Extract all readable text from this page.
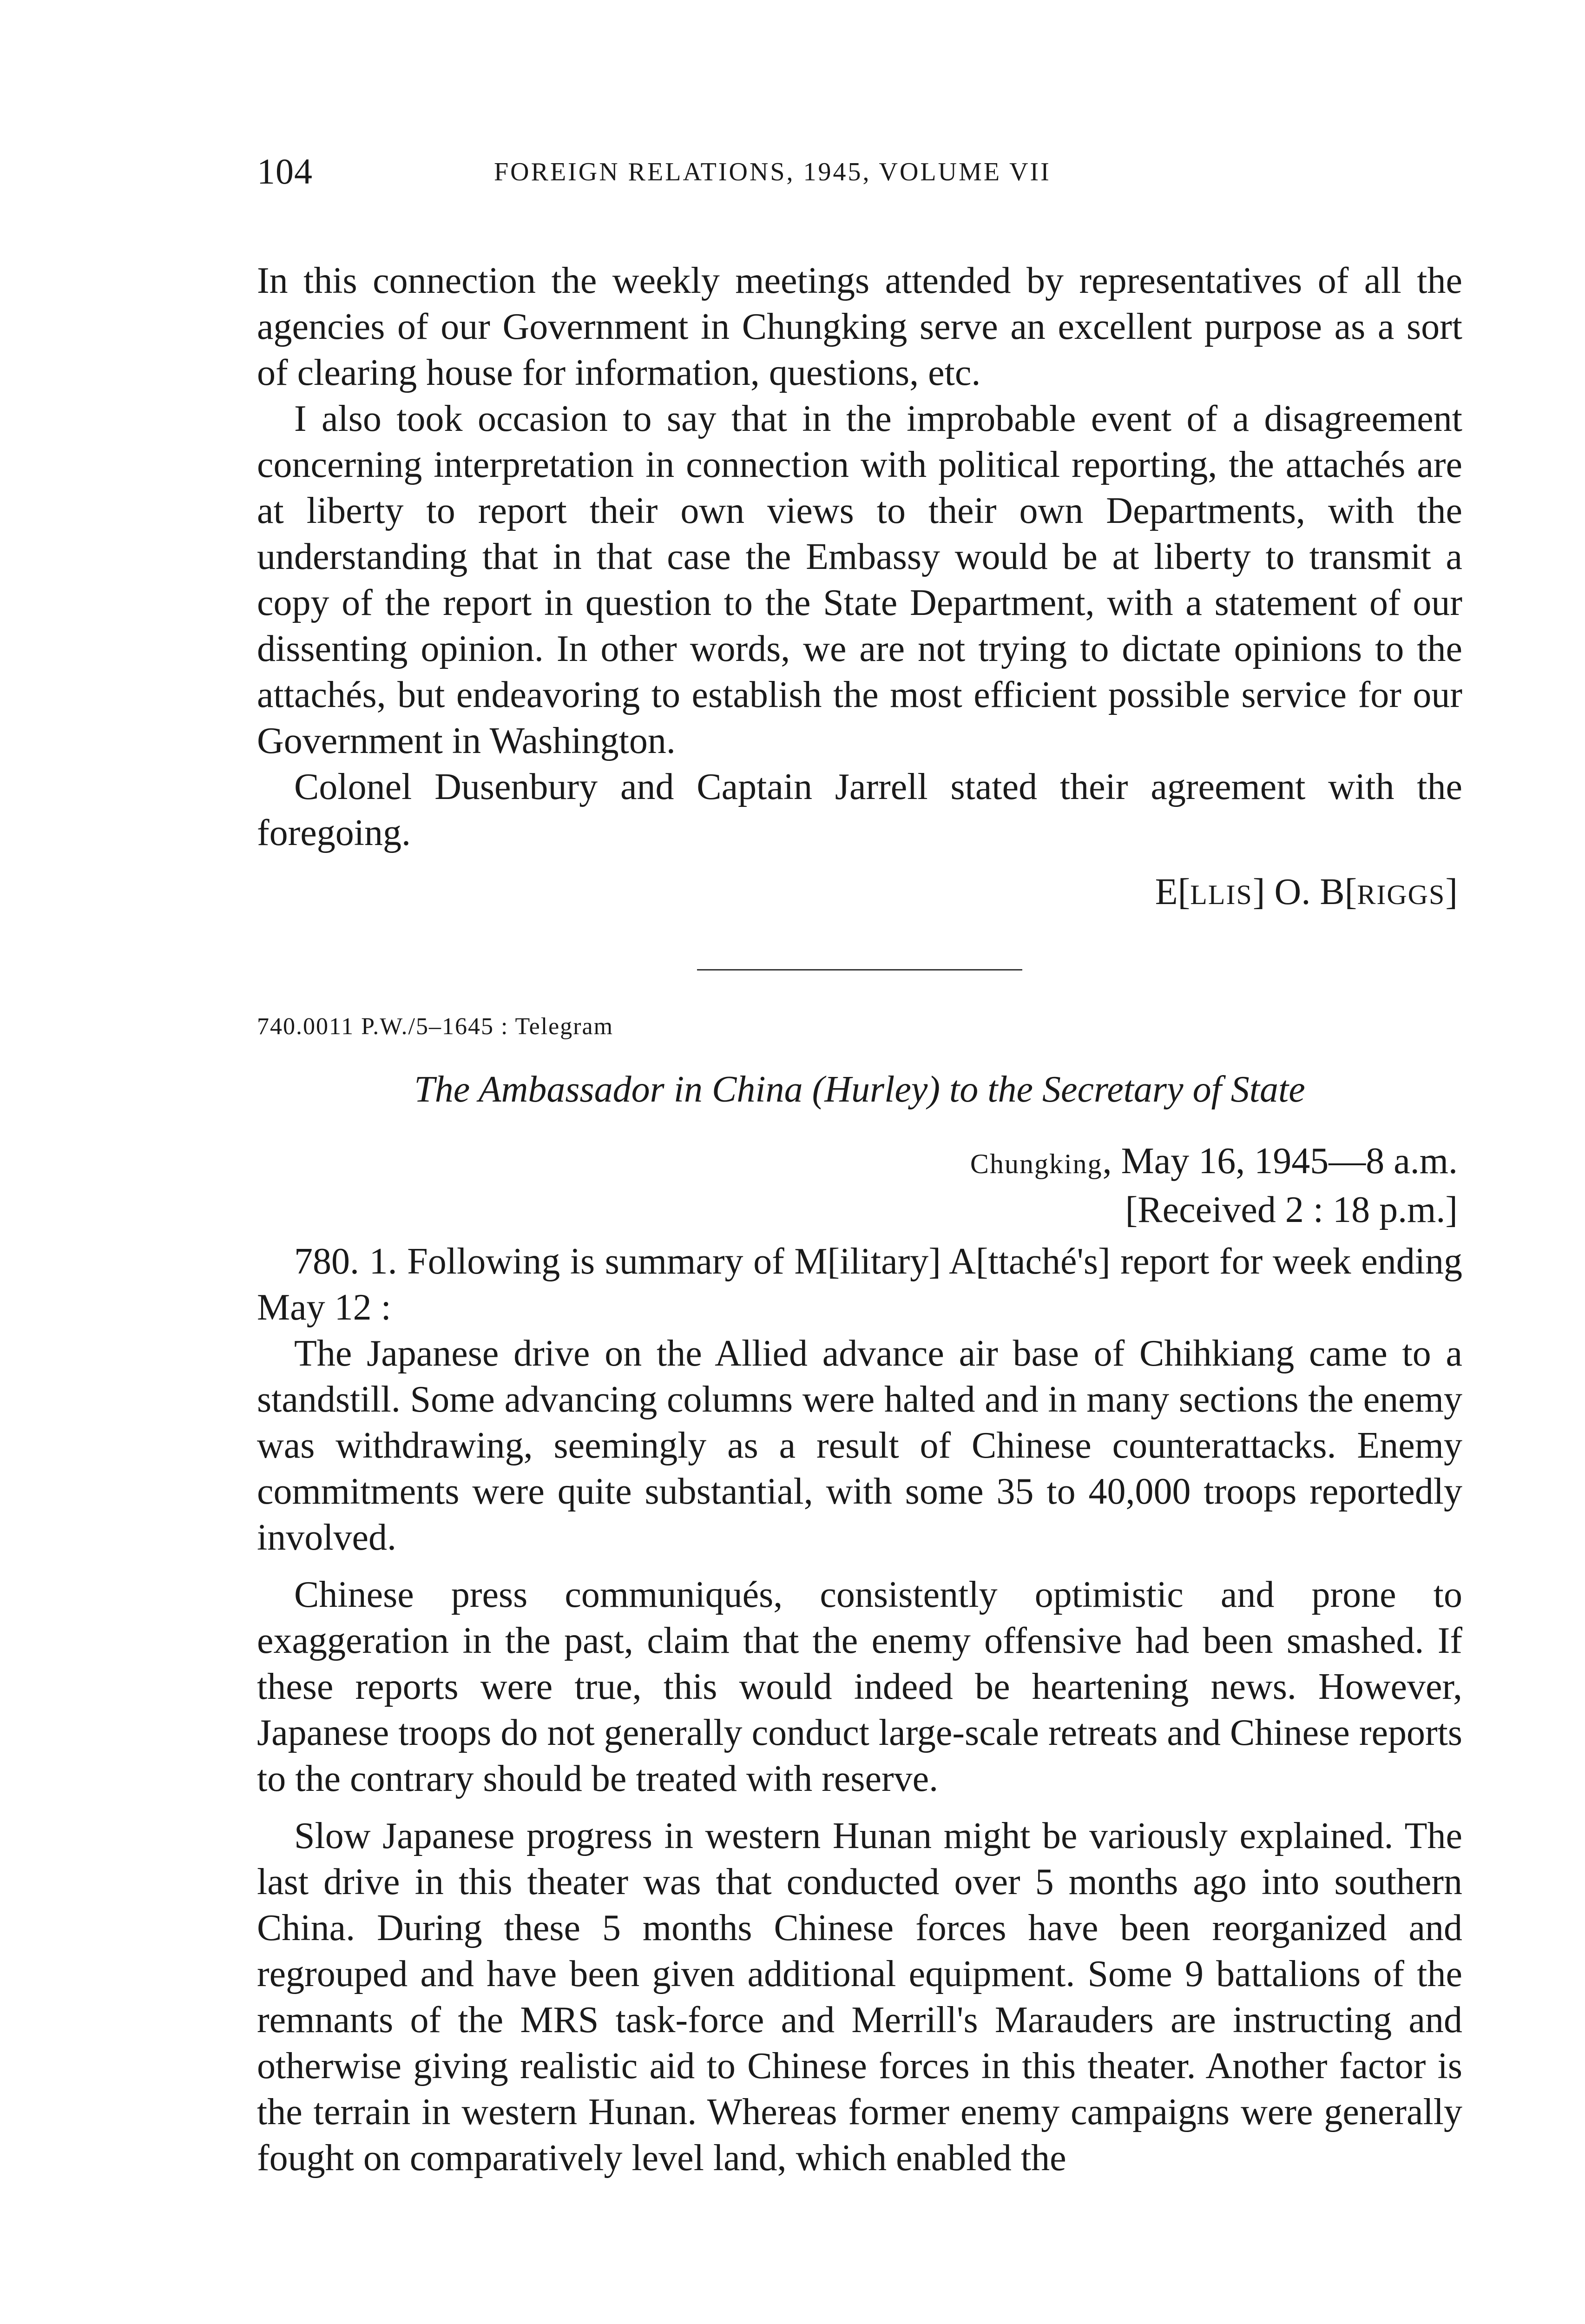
104	FOREIGN RELATIONS, 1945, VOLUME VII

In this connection the weekly meetings attended by representatives of all the agencies of our Government in Chungking serve an excellent purpose as a sort of clearing house for information, questions, etc.

I also took occasion to say that in the improbable event of a disagreement concerning interpretation in connection with political reporting, the attachés are at liberty to report their own views to their own Departments, with the understanding that in that case the Embassy would be at liberty to transmit a copy of the report in question to the State Department, with a statement of our dissenting opinion. In other words, we are not trying to dictate opinions to the attachés, but endeavoring to establish the most efficient possible service for our Government in Washington.

Colonel Dusenbury and Captain Jarrell stated their agreement with the foregoing.

E[LLIS] O. B[RIGGS]
740.0011 P.W./5–1645 : Telegram
The Ambassador in China (Hurley) to the Secretary of State
Chungking, May 16, 1945—8 a.m.
[Received 2 : 18 p.m.]

780. 1. Following is summary of M[ilitary] A[ttaché's] report for week ending May 12 :

The Japanese drive on the Allied advance air base of Chihkiang came to a standstill. Some advancing columns were halted and in many sections the enemy was withdrawing, seemingly as a result of Chinese counterattacks. Enemy commitments were quite substantial, with some 35 to 40,000 troops reportedly involved.

Chinese press communiqués, consistently optimistic and prone to exaggeration in the past, claim that the enemy offensive had been smashed. If these reports were true, this would indeed be heartening news. However, Japanese troops do not generally conduct large-scale retreats and Chinese reports to the contrary should be treated with reserve.

Slow Japanese progress in western Hunan might be variously explained. The last drive in this theater was that conducted over 5 months ago into southern China. During these 5 months Chinese forces have been reorganized and regrouped and have been given additional equipment. Some 9 battalions of the remnants of the MRS task-force and Merrill's Marauders are instructing and otherwise giving realistic aid to Chinese forces in this theater. Another factor is the terrain in western Hunan. Whereas former enemy campaigns were generally fought on comparatively level land, which enabled the
